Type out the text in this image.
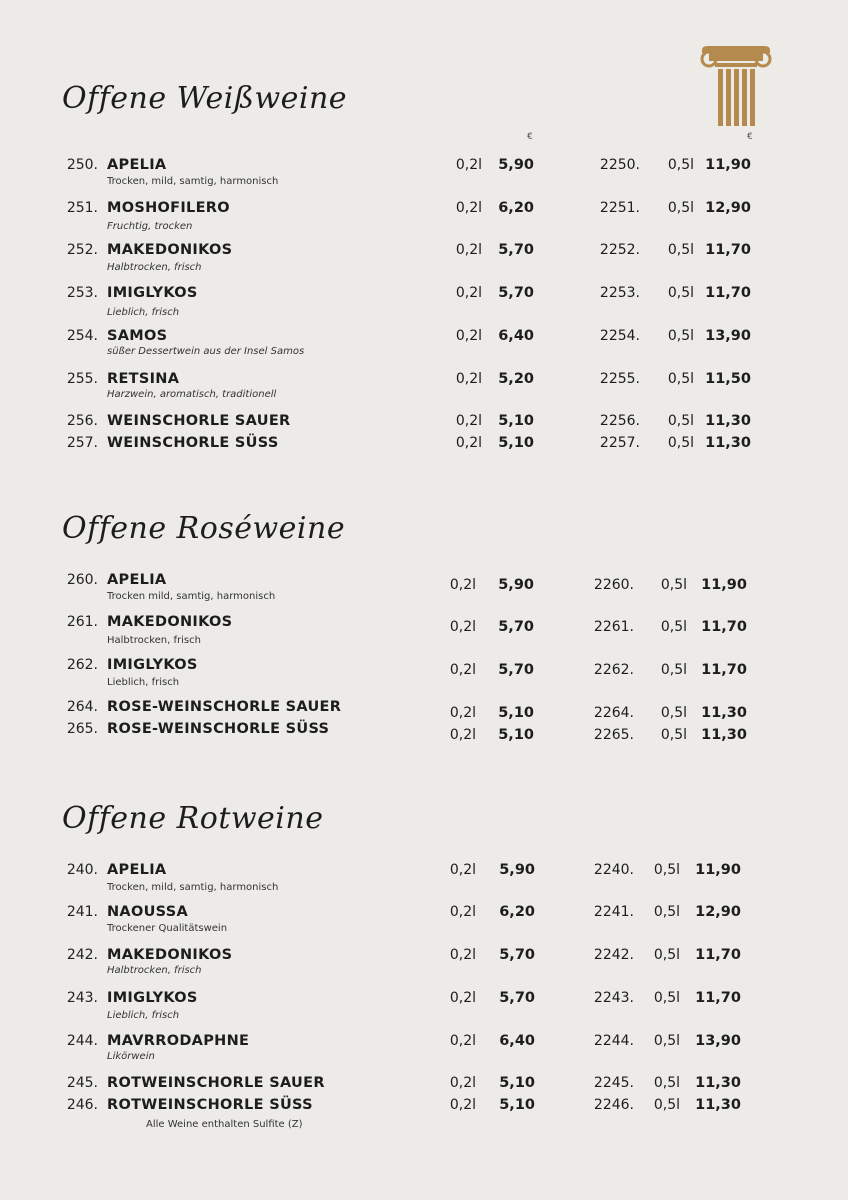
Offene Weißweine
€	€
250. APELIA	0,2l	5,90	2250. 0,5l 11,90
Trocken, mild, samtig, harmonisch
251. MOSHOFILERO	0,2l	6,20	2251. 0,5l 12,90
Fruchtig, trocken
252. MAKEDONIKOS	0,2l	5,70	2252. 0,5l 11,70
Halbtrocken, frisch
253. IMIGLYKOS	0,2l	5,70	2253. 0,5l 11,70
Lieblich, frisch
254. SAMOS	0,2l	6,40	2254. 0,5l 13,90
süßer Dessertwein aus der Insel Samos
255. RETSINA	0,2l	5,20	2255. 0,5l 11,50
Harzwein, aromatisch, traditionell
256. WEINSCHORLE SAUER	0,2l	5,10	2256. 0,5l 11,30
257. WEINSCHORLE SÜSS	0,2l	5,10	2257. 0,5l 11,30
Offene Roséweine
260. APELIA	0,2l	5,90	2260. 0,5l 11,90
Trocken mild, samtig, harmonisch
261. MAKEDONIKOS	0,2l	5,70	2261. 0,5l 11,70
Halbtrocken, frisch
262. IMIGLYKOS	0,2l	5,70	2262. 0,5l 11,70
Lieblich, frisch
264. ROSE-WEINSCHORLE SAUER	0,2l	5,10	2264. 0,5l 11,30
265. ROSE-WEINSCHORLE SÜSS	0,2l	5,10	2265. 0,5l 11,30
Offene Rotweine
240. APELIA	0,2l	5,90	2240. 0,5l 11,90
Trocken, mild, samtig, harmonisch
241. NAOUSSA	0,2l	6,20	2241. 0,5l 12,90
Trockener Qualitätswein
242. MAKEDONIKOS	0,2l	5,70	2242. 0,5l 11,70
Halbtrocken, frisch
243. IMIGLYKOS	0,2l	5,70	2243. 0,5l 11,70
Lieblich, frisch
244. MAVRRODAPHNE	0,2l	6,40	2244. 0,5l 13,90
Likörwein
245. ROTWEINSCHORLE SAUER	0,2l	5,10	2245. 0,5l 11,30
246. ROTWEINSCHORLE SÜSS	0,2l	5,10	2246. 0,5l 11,30
Alle Weine enthalten Sulfite (Z)
